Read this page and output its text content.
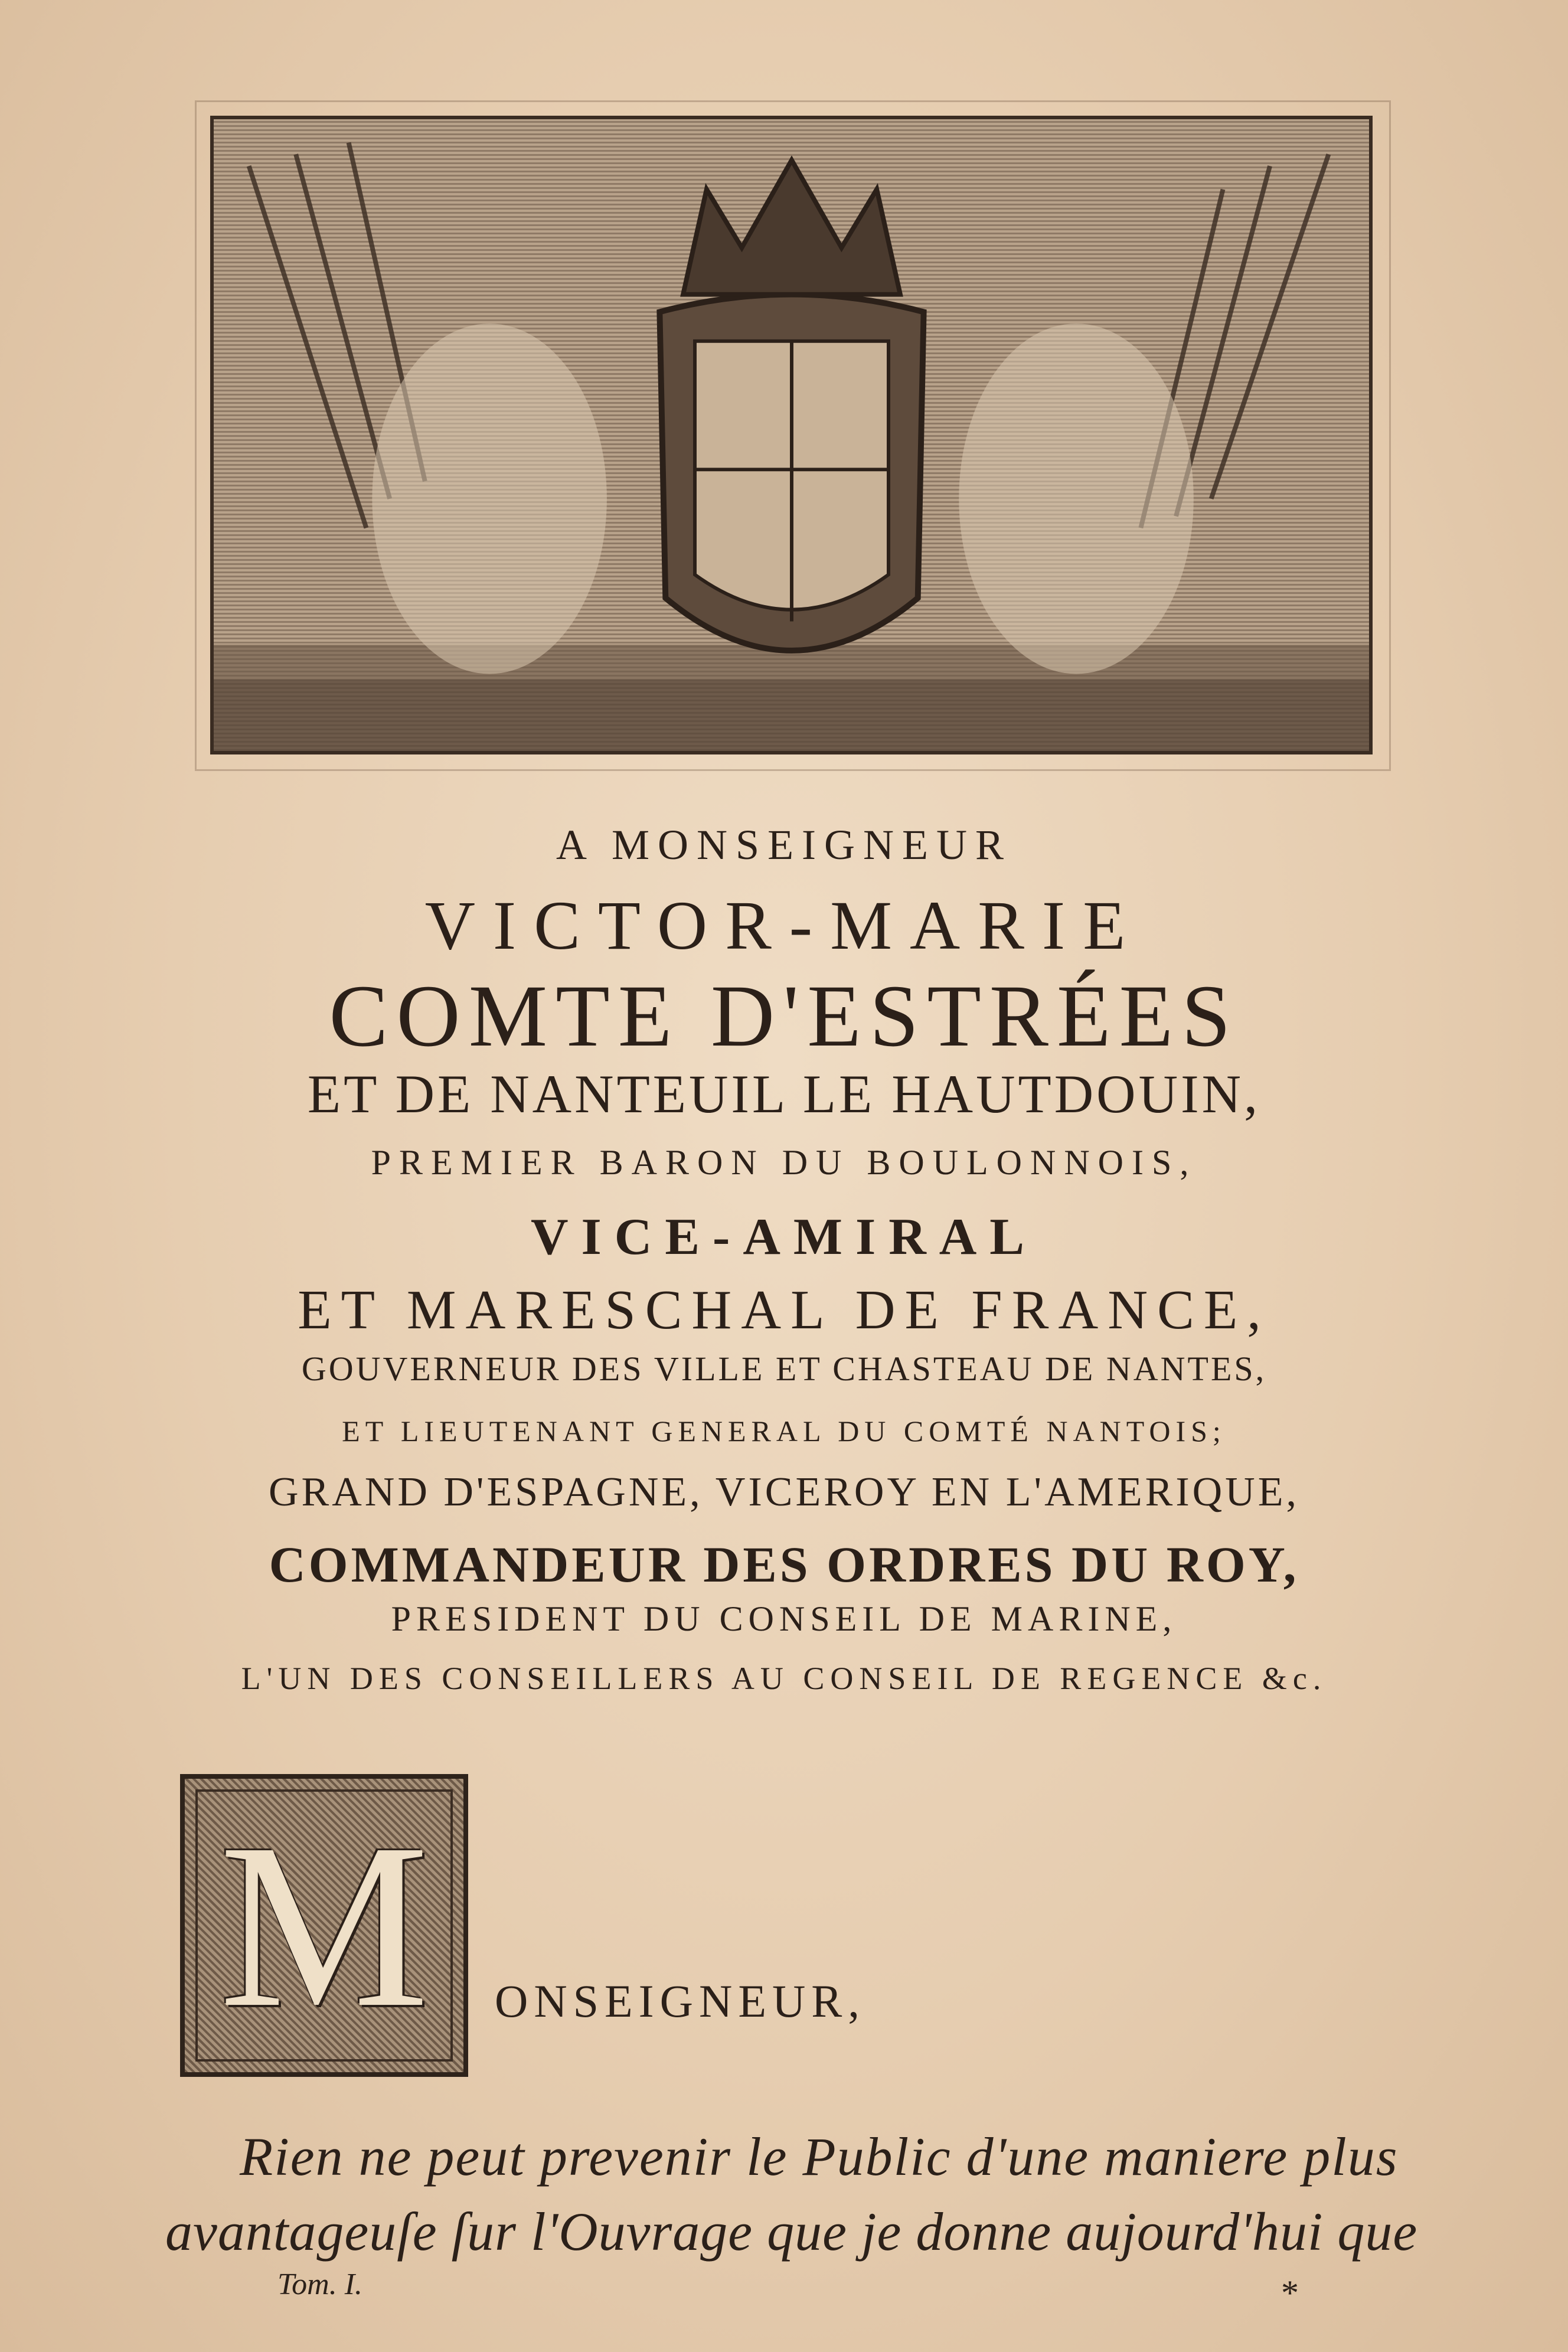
A MONSEIGNEUR
VICTOR-MARIE
COMTE D'ESTRÉES
ET DE NANTEUIL LE HAUTDOUIN,
PREMIER BARON DU BOULONNOIS,
VICE-AMIRAL
ET MARESCHAL DE FRANCE,
GOUVERNEUR DES VILLE ET CHASTEAU DE NANTES,
ET LIEUTENANT GENERAL DU COMTÉ NANTOIS;
GRAND D'ESPAGNE, VICEROY EN L'AMERIQUE,
COMMANDEUR DES ORDRES DU ROY,
PRESIDENT DU CONSEIL DE MARINE,
L'UN DES CONSEILLERS AU CONSEIL DE REGENCE &c.
M ONSEIGNEUR,
Rien ne peut prevenir le Public d'une maniere plus
avantageuſe ſur l'Ouvrage que je donne aujourd'hui que
Tom. I.	*
